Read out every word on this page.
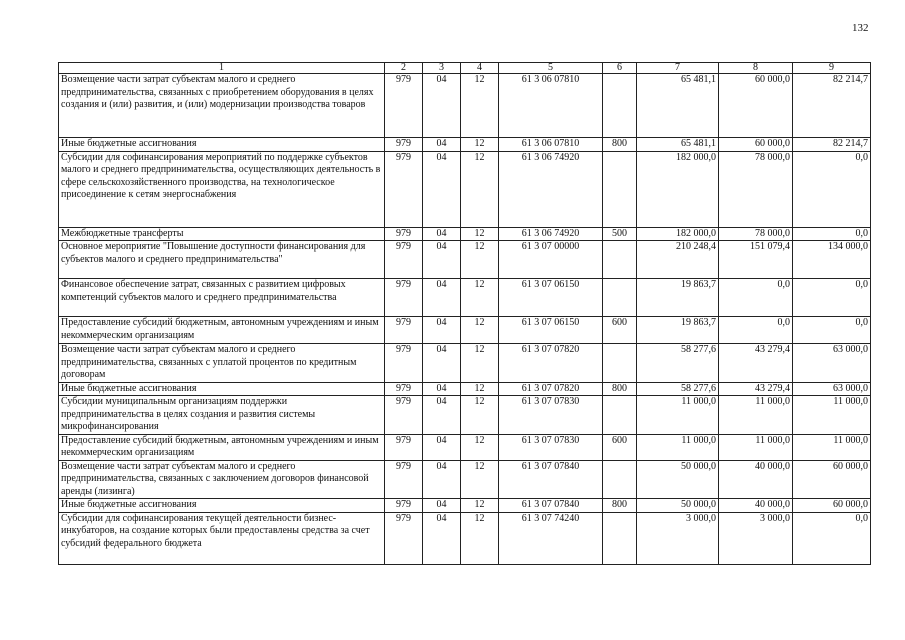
132
1	2	3	4	5	6	7	8	9
Возмещение части затрат субъектам малого и среднего предпринимательства, связанных с приобретением оборудования в целях создания и (или) развития, и (или) модернизации производства товаров	979	04	12	61 3 06 07810		65 481,1	60 000,0	82 214,7
Иные бюджетные ассигнования	979	04	12	61 3 06 07810	800	65 481,1	60 000,0	82 214,7
Субсидии для софинансирования мероприятий по поддержке субъектов малого и среднего предпринимательства, осуществляющих деятельность в сфере сельскохозяйственного производства, на технологическое присоединение к сетям энергоснабжения	979	04	12	61 3 06 74920		182 000,0	78 000,0	0,0
Межбюджетные трансферты	979	04	12	61 3 06 74920	500	182 000,0	78 000,0	0,0
Основное мероприятие "Повышение доступности финансирования для субъектов малого и среднего предпринимательства"	979	04	12	61 3 07 00000		210 248,4	151 079,4	134 000,0
Финансовое обеспечение затрат, связанных с развитием цифровых компетенций субъектов малого и среднего предпринимательства	979	04	12	61 3 07 06150		19 863,7	0,0	0,0
Предоставление субсидий бюджетным, автономным учреждениям и иным некоммерческим организациям	979	04	12	61 3 07 06150	600	19 863,7	0,0	0,0
Возмещение части затрат субъектам малого и среднего предпринимательства, связанных с уплатой процентов по кредитным договорам	979	04	12	61 3 07 07820		58 277,6	43 279,4	63 000,0
Иные бюджетные ассигнования	979	04	12	61 3 07 07820	800	58 277,6	43 279,4	63 000,0
Субсидии муниципальным организациям поддержки предпринимательства в целях создания и развития системы микрофинансирования	979	04	12	61 3 07 07830		11 000,0	11 000,0	11 000,0
Предоставление субсидий бюджетным, автономным учреждениям и иным некоммерческим организациям	979	04	12	61 3 07 07830	600	11 000,0	11 000,0	11 000,0
Возмещение части затрат субъектам малого и среднего предпринимательства, связанных с заключением договоров финансовой аренды (лизинга)	979	04	12	61 3 07 07840		50 000,0	40 000,0	60 000,0
Иные бюджетные ассигнования	979	04	12	61 3 07 07840	800	50 000,0	40 000,0	60 000,0
Субсидии для софинансирования текущей деятельности бизнес-инкубаторов, на создание которых были предоставлены средства за счет субсидий федерального бюджета	979	04	12	61 3 07 74240		3 000,0	3 000,0	0,0
